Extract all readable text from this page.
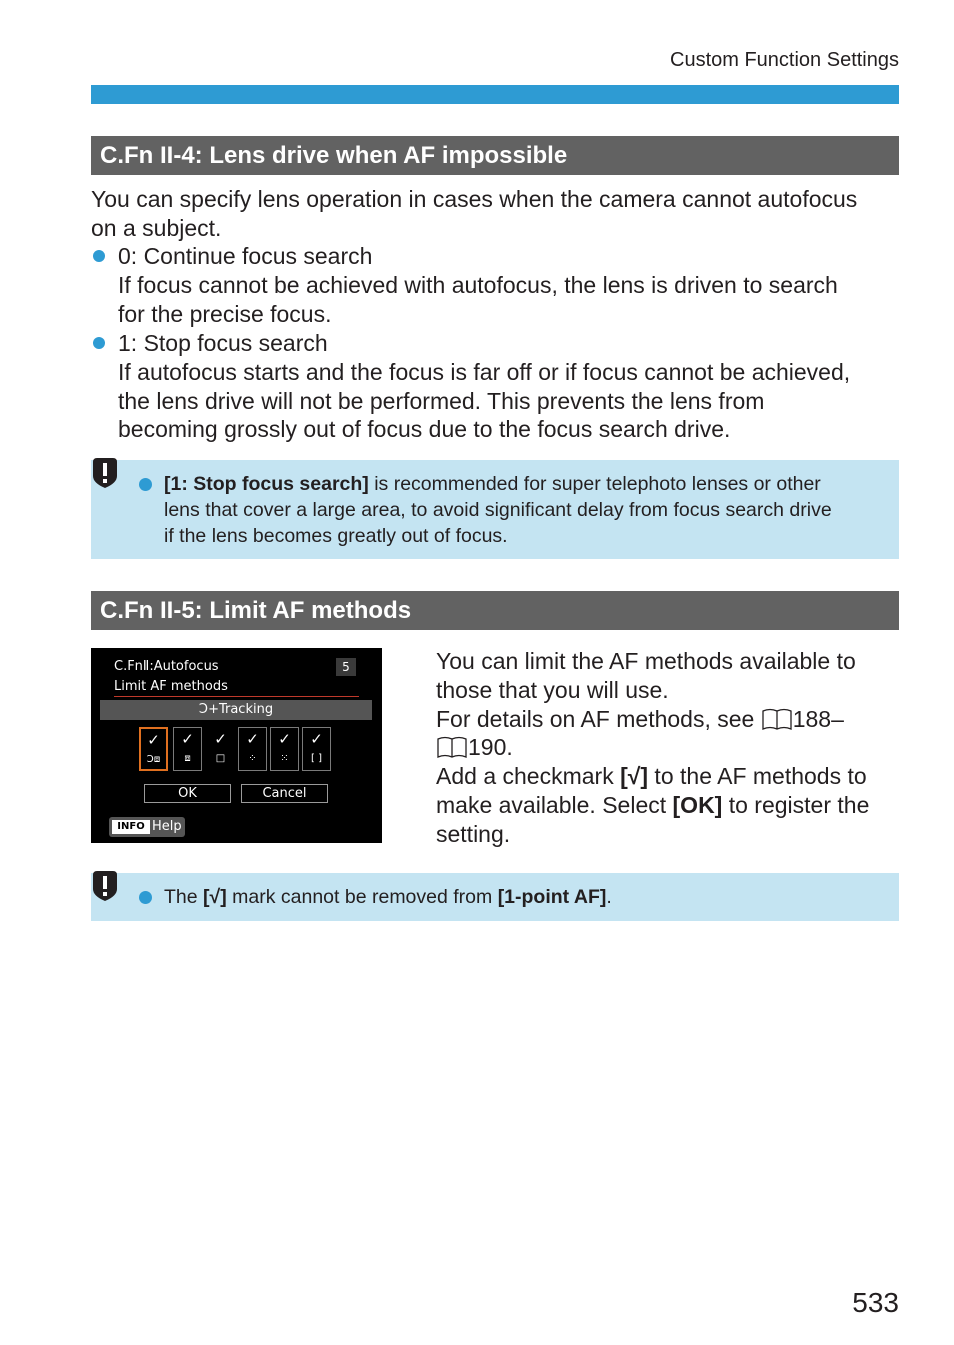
Custom Function Settings
C.Fn II-4: Lens drive when AF impossible
You can specify lens operation in cases when the camera cannot autofocus
on a subject.
0: Continue focus search
If focus cannot be achieved with autofocus, the lens is driven to search
for the precise focus.
1: Stop focus search
If autofocus starts and the focus is far off or if focus cannot be achieved,
the lens drive will not be performed. This prevents the lens from
becoming grossly out of focus due to the focus search drive.
[1: Stop focus search] is recommended for super telephoto lenses or other
lens that cover a large area, to avoid significant delay from focus search drive
if the lens becomes greatly out of focus.
C.Fn II-5: Limit AF methods
C.FnⅡ:Autofocus
Limit AF methods
5
Ɔ+Tracking
✓
Ɔ⧈
✓
⧈
✓
□
✓
⁘
✓
⁙
✓
[ ]
OK	Cancel
INFO Help
You can limit the AF methods available to
those that you will use.
For details on AF methods, see 188–
190.
Add a checkmark [√] to the AF methods to
make available. Select [OK] to register the
setting.
The [√] mark cannot be removed from [1-point AF].
533
